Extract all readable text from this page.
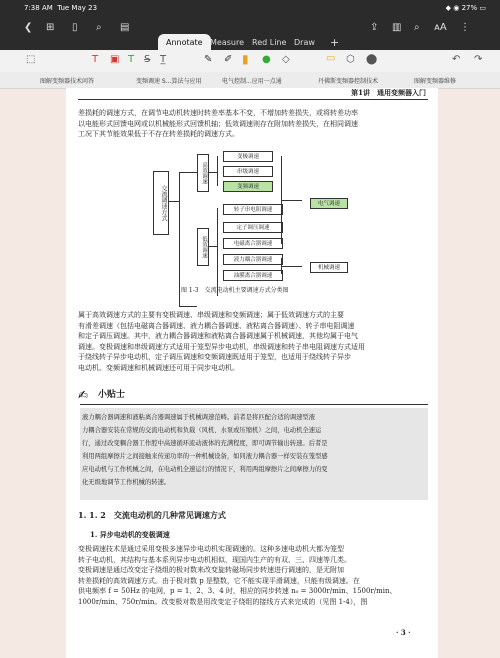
7:38 AM Tue May 23	◆ ◉ 27% ▭
❮ ⊞ ▯ ⌕ ▤	⇪ ▥ ⌕ ᴀA ⋮
Annotate Measure Red Line Draw +
⬚	T ▣ T S̶ T̲	✎ ✐ ▮ ● ◇	▭ ⬡ ⬤	↶ ↷
图解变频器技术问答	变频调速 S...算法与应用	电气控制...应用一点通	丹佛斯变频器控制技术	图解变频器维修
第1讲　通用变频器入门
差损耗的调速方式，在调节电动机转速时转差率基本不变，不增加转差损失，或将转差功率
以电能形式回馈电网或以机械能形式回馈机轴；低效调速则存在附加转差损失，在相同调速
工况下其节能效果低于不存在转差损耗的调速方式。
交流调速方式
高效调速
低效调速
变极调速
串级调速
变频调速
转子串电阻调速
定子调压调速
电磁离合器调速
液力耦合器调速
油膜离合器调速
电气调速
机械调速
图 1-3　交流电动机主要调速方式分类图
属于高效调速方式的主要有变极调速、串级调速和变频调速；属于低效调速方式的主要
有滑差调速（包括电磁离合器调速、液力耦合器调速、液粘离合器调速）、转子串电阻调速
和定子调压调速。其中，液力耦合器调速和液粘离合器调速属于机械调速，其他均属于电气
调速。变极调速和串级调速方式适用于笼型异步电动机，串级调速和转子串电阻调速方式适用
于绕线转子异步电动机，定子调压调速和变频调速既适用于笼型，也适用于绕线转子异步
电动机。变频调速和机械调速还可用于同步电动机。
✍ 小贴士
液力耦合器调速和液粘离合器调速属于机械调速范畴。前者是将匹配合适的调速型液
力耦合器安装在常规的交流电动机和负载（风机、水泵或压缩机）之间，电动机全速运
行，通过改变耦合器工作腔中高速循环流动液体的充满程度，即可调节输出转速。后者是
利用两组摩擦片之间接触来传递功率的一种机械设备，如同液力耦合器一样安装在笼型感
应电动机与工作机械之间，在电动机全速运行的情况下，利用两组摩擦片之间摩擦力的变
化无级地调节工作机械的转速。
1. 1. 2　交流电动机的几种常见调速方式
1. 异步电动机的变极调速
变极调速技术是通过采用变极多速异步电动机实现调速的。这种多速电动机大都为笼型
转子电动机，其结构与基本系列异步电动机相似，现国内生产的有双、三、四速等几类。
变极调速是通过改变定子绕组的极对数来改变旋转磁场同步转速进行调速的，是无附加
转差损耗的高效调速方式。由于极对数 p 是整数，它不能实现平滑调速，只能有级调速。在
供电频率 f = 50Hz 的电网，p = 1、2、3、4 时，相应的同步转速 n₀ = 3000r/min、1500r/min、
1000r/min、750r/min。改变极对数是用改变定子绕组的接线方式来完成的（见图 1-4），图
· 3 ·
